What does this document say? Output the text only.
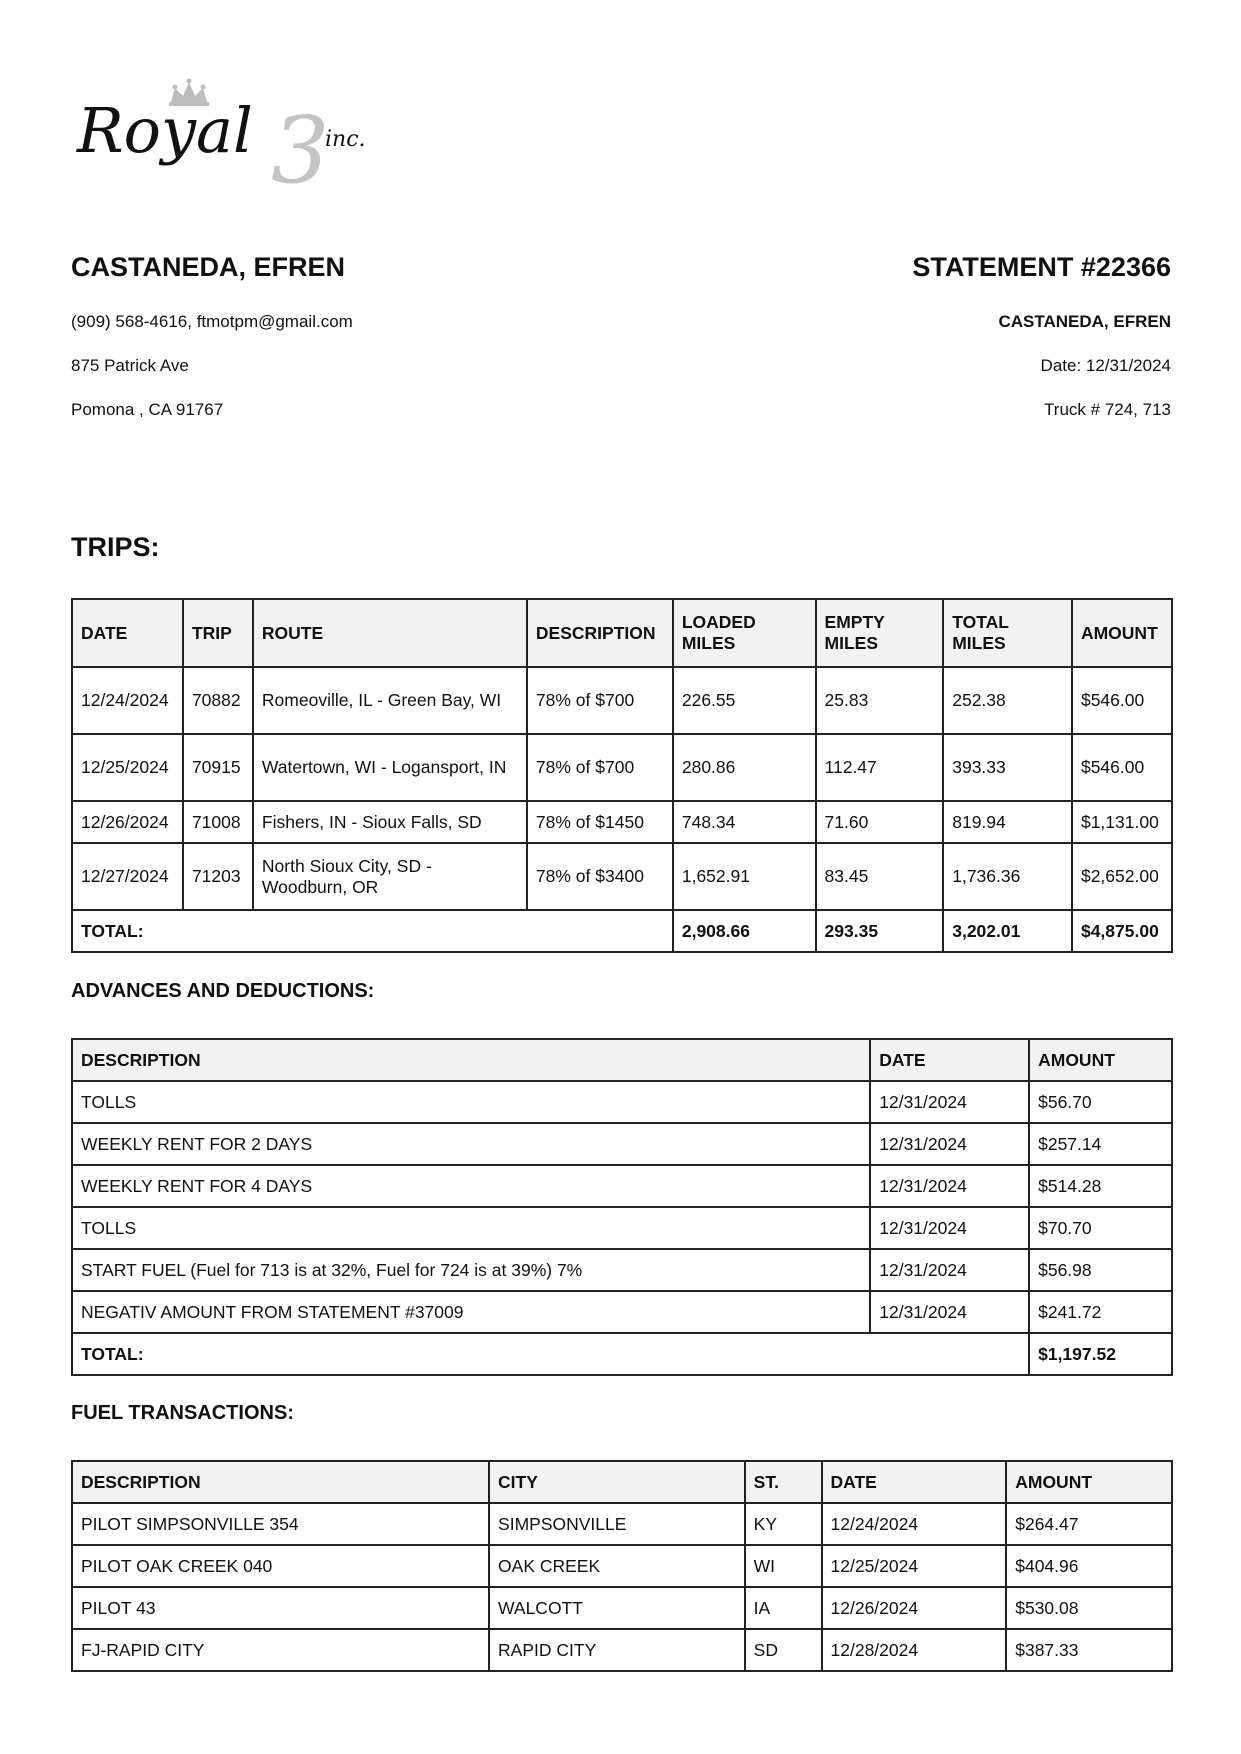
3
Royal	inc.
CASTANEDA, EFREN
(909) 568-4616, ftmotpm@gmail.com
875 Patrick Ave
Pomona , CA 91767
STATEMENT #22366
CASTANEDA, EFREN
Date: 12/31/2024
Truck # 724, 713
TRIPS:
DATE	TRIP	ROUTE	DESCRIPTION	LOADED MILES	EMPTY MILES	TOTAL MILES	AMOUNT
12/24/2024	70882	Romeoville, IL - Green Bay, WI	78% of $700	226.55	25.83	252.38	$546.00
12/25/2024	70915	Watertown, WI - Logansport, IN	78% of $700	280.86	112.47	393.33	$546.00
12/26/2024	71008	Fishers, IN - Sioux Falls, SD	78% of $1450	748.34	71.60	819.94	$1,131.00
12/27/2024	71203	North Sioux City, SD - Woodburn, OR	78% of $3400	1,652.91	83.45	1,736.36	$2,652.00
TOTAL:				2,908.66	293.35	3,202.01	$4,875.00
ADVANCES AND DEDUCTIONS:
DESCRIPTION	DATE	AMOUNT
TOLLS	12/31/2024	$56.70
WEEKLY RENT FOR 2 DAYS	12/31/2024	$257.14
WEEKLY RENT FOR 4 DAYS	12/31/2024	$514.28
TOLLS	12/31/2024	$70.70
START FUEL (Fuel for 713 is at 32%, Fuel for 724 is at 39%) 7%	12/31/2024	$56.98
NEGATIV AMOUNT FROM STATEMENT #37009	12/31/2024	$241.72
TOTAL:		$1,197.52
FUEL TRANSACTIONS:
DESCRIPTION	CITY	ST.	DATE	AMOUNT
PILOT SIMPSONVILLE 354	SIMPSONVILLE	KY	12/24/2024	$264.47
PILOT OAK CREEK 040	OAK CREEK	WI	12/25/2024	$404.96
PILOT 43	WALCOTT	IA	12/26/2024	$530.08
FJ-RAPID CITY	RAPID CITY	SD	12/28/2024	$387.33
